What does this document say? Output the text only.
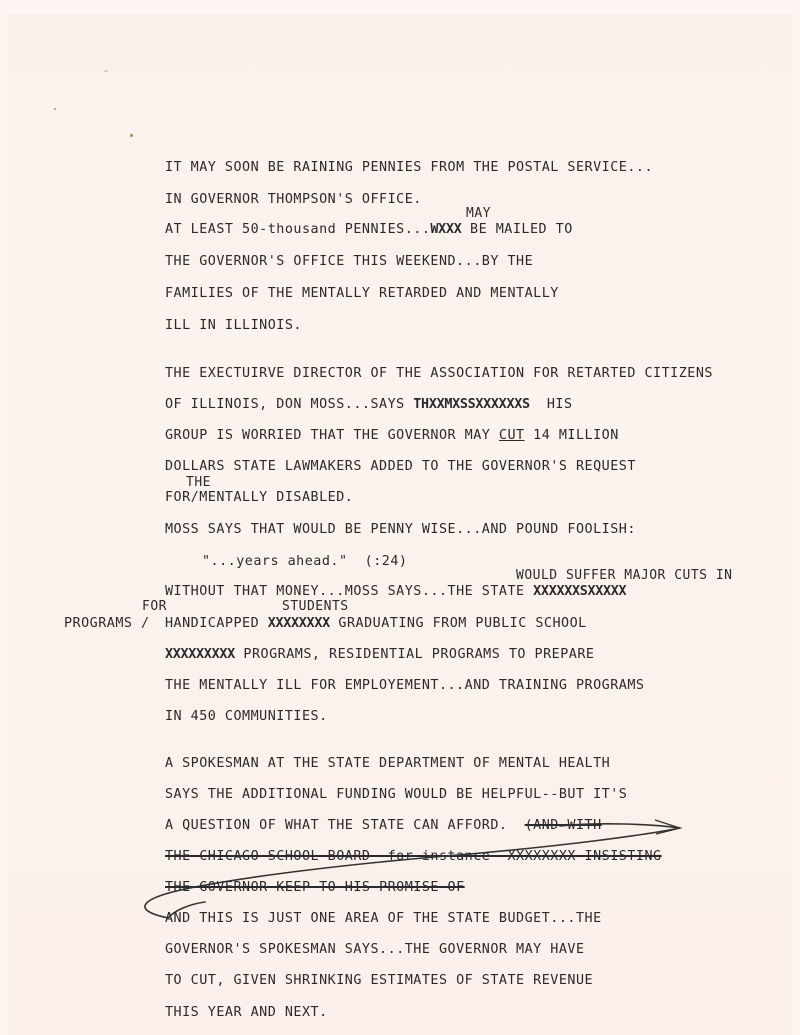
IT MAY SOON BE RAINING PENNIES FROM THE POSTAL SERVICE...
IN GOVERNOR THOMPSON'S OFFICE.
MAY
AT LEAST 50-thousand PENNIES...WXXX BE MAILED TO
THE GOVERNOR'S OFFICE THIS WEEKEND...BY THE
FAMILIES OF THE MENTALLY RETARDED AND MENTALLY
ILL IN ILLINOIS.
THE EXECTUIRVE DIRECTOR OF THE ASSOCIATION FOR RETARTED CITIZENS
OF ILLINOIS, DON MOSS...SAYS THXXMXSSXXXXXXS  HIS
GROUP IS WORRIED THAT THE GOVERNOR MAY CUT 14 MILLION
DOLLARS STATE LAWMAKERS ADDED TO THE GOVERNOR'S REQUEST
THE
FOR/MENTALLY DISABLED.
MOSS SAYS THAT WOULD BE PENNY WISE...AND POUND FOOLISH:
"...years ahead."  (:24)
WOULD SUFFER MAJOR CUTS IN
WITHOUT THAT MONEY...MOSS SAYS...THE STATE XXXXXXSXXXXX
FOR	STUDENTS
PROGRAMS / HANDICAPPED XXXXXXXX GRADUATING FROM PUBLIC SCHOOL
XXXXXXXXX PROGRAMS, RESIDENTIAL PROGRAMS TO PREPARE
THE MENTALLY ILL FOR EMPLOYEMENT...AND TRAINING PROGRAMS
IN 450 COMMUNITIES.
A SPOKESMAN AT THE STATE DEPARTMENT OF MENTAL HEALTH
SAYS THE ADDITIONAL FUNDING WOULD BE HELPFUL--BUT IT'S
A QUESTION OF WHAT THE STATE CAN AFFORD.  (AND WITH
THE CHICAGO SCHOOL BOARD--for instance--XXXXXXXX INSISTING
THE GOVERNOR KEEP TO HIS PROMISE OF
AND THIS IS JUST ONE AREA OF THE STATE BUDGET...THE
GOVERNOR'S SPOKESMAN SAYS...THE GOVERNOR MAY HAVE
TO CUT, GIVEN SHRINKING ESTIMATES OF STATE REVENUE
THIS YEAR AND NEXT.
